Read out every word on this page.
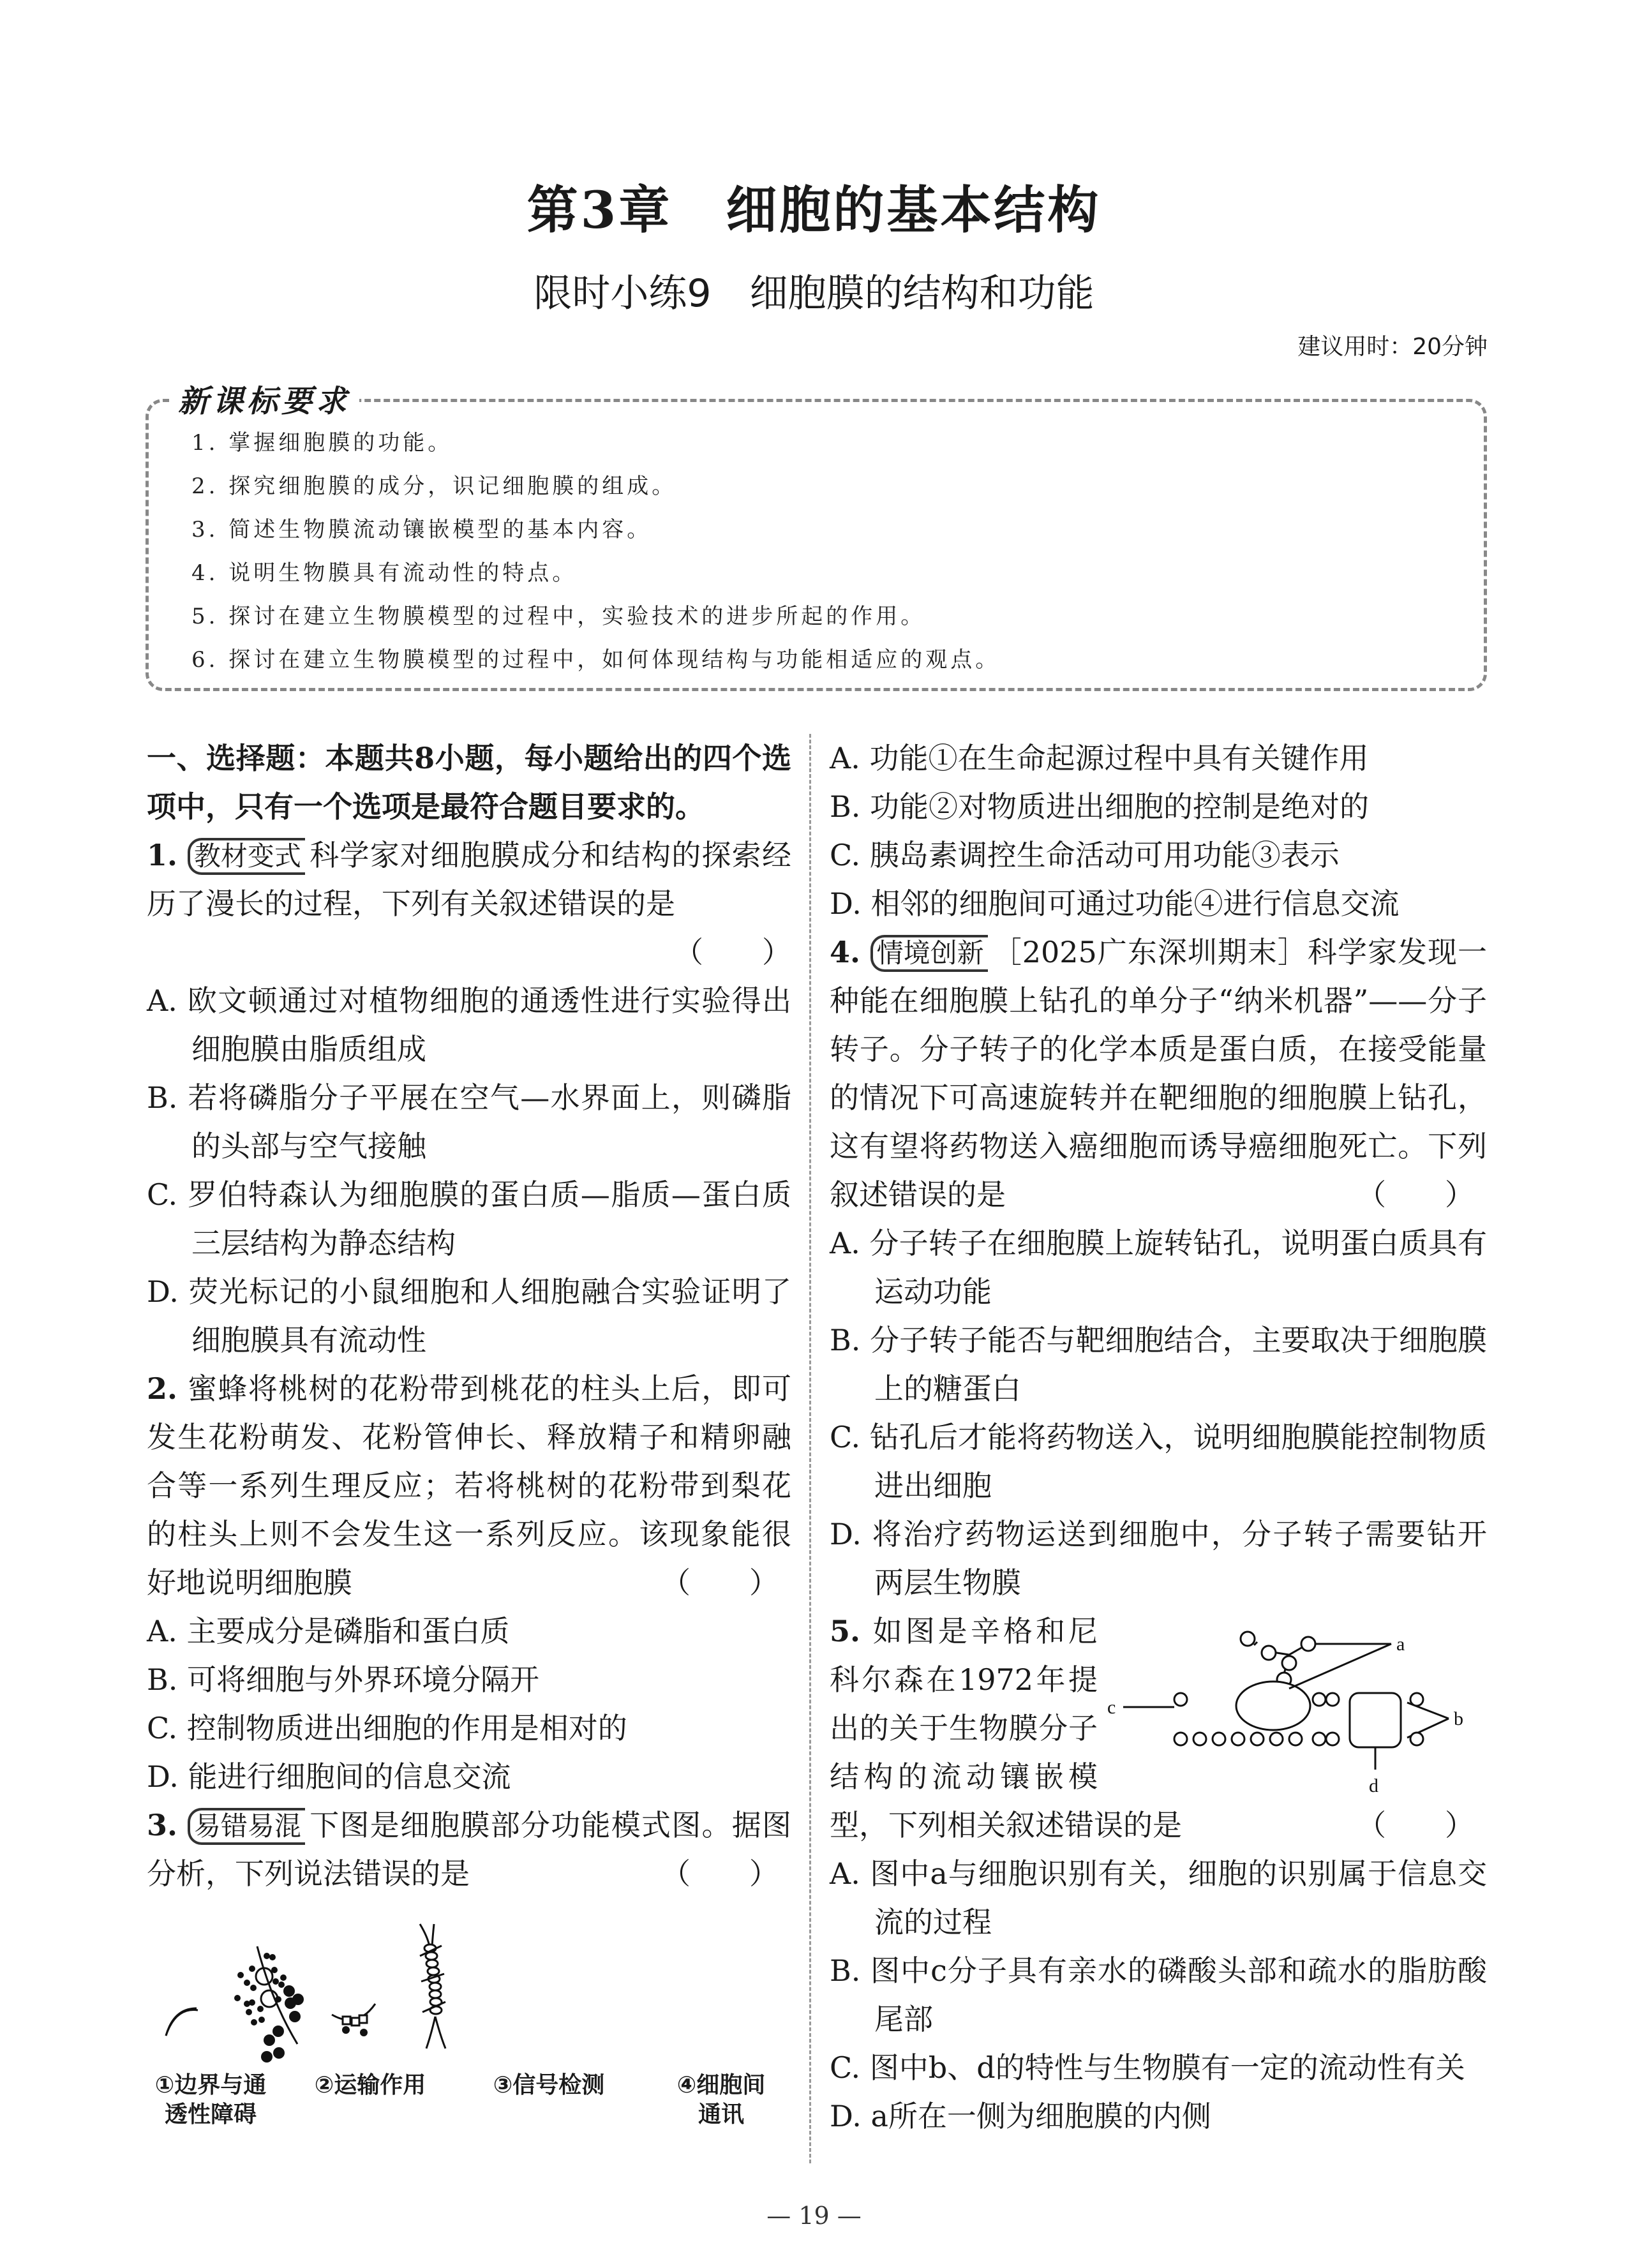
第3章　细胞的基本结构
限时小练9　细胞膜的结构和功能
建议用时：20分钟
新课标要求
1. 掌握细胞膜的功能。
2. 探究细胞膜的成分，识记细胞膜的组成。
3. 简述生物膜流动镶嵌模型的基本内容。
4. 说明生物膜具有流动性的特点。
5. 探讨在建立生物膜模型的过程中，实验技术的进步所起的作用。
6. 探讨在建立生物膜模型的过程中，如何体现结构与功能相适应的观点。

一、选择题：本题共8小题，每小题给出的四个选项中，只有一个选项是最符合题目要求的。

1. 教材变式 科学家对细胞膜成分和结构的探索经历了漫长的过程，下列有关叙述错误的是

（　　）

A. 欧文顿通过对植物细胞的通透性进行实验得出细胞膜由脂质组成

B. 若将磷脂分子平展在空气—水界面上，则磷脂的头部与空气接触

C. 罗伯特森认为细胞膜的蛋白质—脂质—蛋白质三层结构为静态结构

D. 荧光标记的小鼠细胞和人细胞融合实验证明了细胞膜具有流动性

2. 蜜蜂将桃树的花粉带到桃花的柱头上后，即可发生花粉萌发、花粉管伸长、释放精子和精卵融合等一系列生理反应；若将桃树的花粉带到梨花的柱头上则不会发生这一系列反应。该现象能很好地说明细胞膜	（　　）

A. 主要成分是磷脂和蛋白质

B. 可将细胞与外界环境分隔开

C. 控制物质进出细胞的作用是相对的

D. 能进行细胞间的信息交流

3. 易错易混 下图是细胞膜部分功能模式图。据图分析，下列说法错误的是	（　　）

①边界与通透性障碍
②运输作用	③信号检测	④细胞间通讯

A. 功能①在生命起源过程中具有关键作用

B. 功能②对物质进出细胞的控制是绝对的

C. 胰岛素调控生命活动可用功能③表示

D. 相邻的细胞间可通过功能④进行信息交流

4. 情境创新 ［2025广东深圳期末］科学家发现一种能在细胞膜上钻孔的单分子“纳米机器”——分子转子。分子转子的化学本质是蛋白质，在接受能量的情况下可高速旋转并在靶细胞的细胞膜上钻孔，这有望将药物送入癌细胞而诱导癌细胞死亡。下列叙述错误的是	（　　）

A. 分子转子在细胞膜上旋转钻孔，说明蛋白质具有运动功能

B. 分子转子能否与靶细胞结合，主要取决于细胞膜上的糖蛋白

C. 钻孔后才能将药物送入，说明细胞膜能控制物质进出细胞

D. 将治疗药物运送到细胞中，分子转子需要钻开两层生物膜

a
b
c
d

5. 如图是辛格和尼科尔森在1972年提出的关于生物膜分子结构的流动镶嵌模型，下列相关叙述错误的是	（　　）

A. 图中a与细胞识别有关，细胞的识别属于信息交流的过程

B. 图中c分子具有亲水的磷酸头部和疏水的脂肪酸尾部

C. 图中b、d的特性与生物膜有一定的流动性有关

D. a所在一侧为细胞膜的内侧

— 19 —
